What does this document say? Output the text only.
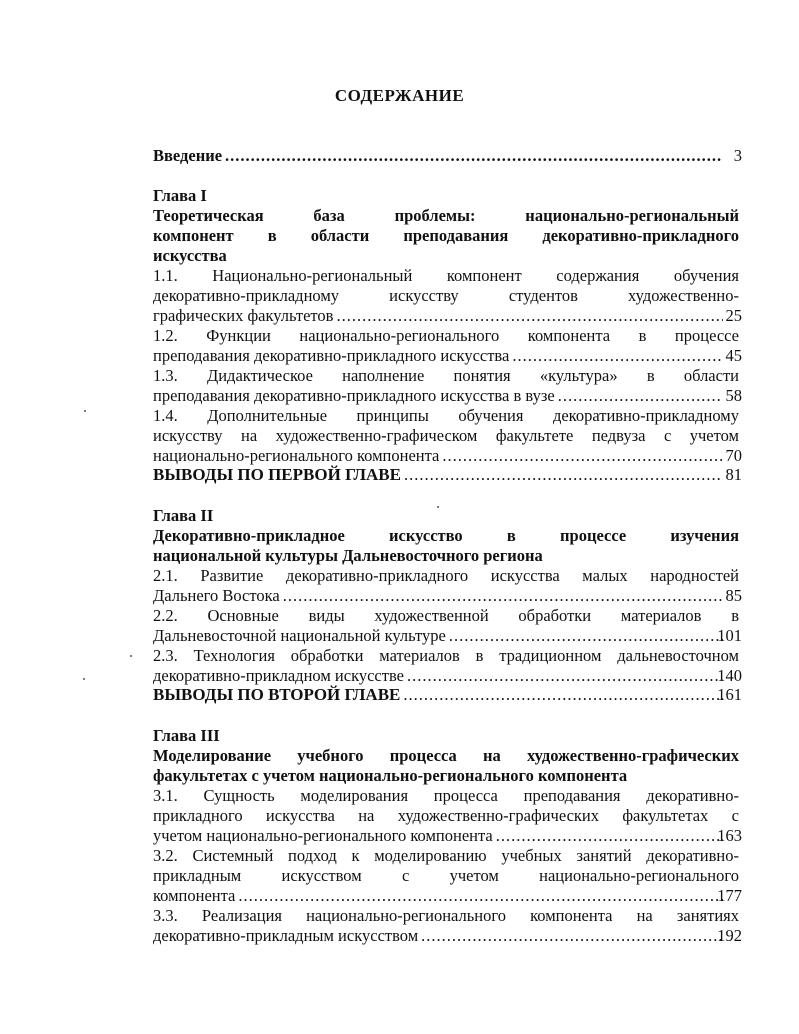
СОДЕРЖАНИЕ
Введение .....	3
Глава I
Теоретическая база проблемы: национально-региональный
компонент в области преподавания декоративно-прикладного
искусства
1.1. Национально-региональный компонент содержания обучения
декоративно-прикладному искусству студентов художественно-
графических факультетов .....	25
1.2. Функции национально-регионального компонента в процессе
преподавания декоративно-прикладного искусства .....	45
1.3. Дидактическое наполнение понятия «культура» в области
преподавания декоративно-прикладного искусства в вузе .....	58
1.4. Дополнительные принципы обучения декоративно-прикладному
искусству на художественно-графическом факультете педвуза с учетом
национально-регионального компонента .....	70
ВЫВОДЫ ПО ПЕРВОЙ ГЛАВЕ .....	81
Глава II
Декоративно-прикладное искусство в процессе изучения
национальной культуры Дальневосточного региона
2.1. Развитие декоративно-прикладного искусства малых народностей
Дальнего Востока .....	85
2.2. Основные виды художественной обработки материалов в
Дальневосточной национальной культуре .....	101
2.3. Технология обработки материалов в традиционном дальневосточном
декоративно-прикладном искусстве .....	140
ВЫВОДЫ ПО ВТОРОЙ ГЛАВЕ .....	161
Глава III
Моделирование учебного процесса на художественно-графических
факультетах с учетом национально-регионального компонента
3.1. Сущность моделирования процесса преподавания декоративно-
прикладного искусства на художественно-графических факультетах с
учетом национально-регионального компонента .....	163
3.2. Системный подход к моделированию учебных занятий декоративно-
прикладным искусством с учетом национально-регионального
компонента .....	177
3.3. Реализация национально-регионального компонента на занятиях
декоративно-прикладным искусством .....	192
